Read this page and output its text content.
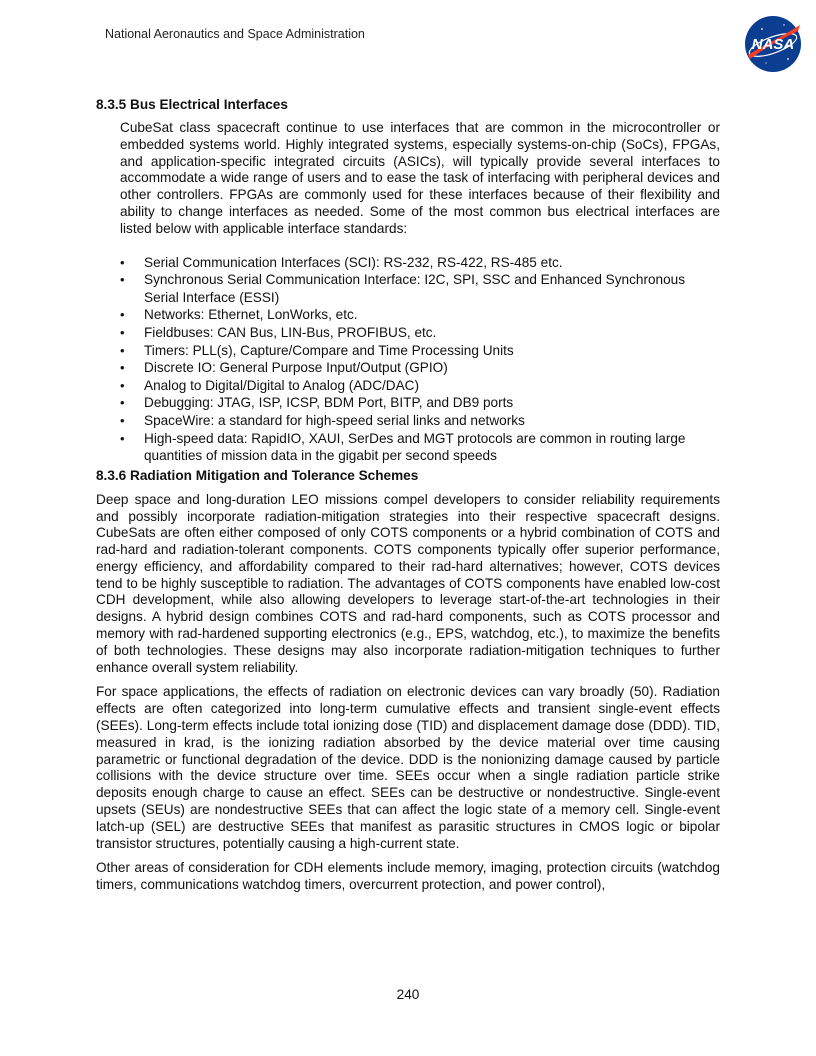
National Aeronautics and Space Administration
NASA
8.3.5 Bus Electrical Interfaces

CubeSat class spacecraft continue to use interfaces that are common in the microcontroller or embedded systems world. Highly integrated systems, especially systems-on-chip (SoCs), FPGAs, and application-specific integrated circuits (ASICs), will typically provide several interfaces to accommodate a wide range of users and to ease the task of interfacing with peripheral devices and other controllers. FPGAs are commonly used for these interfaces because of their flexibility and ability to change interfaces as needed. Some of the most common bus electrical interfaces are listed below with applicable interface standards:

• Serial Communication Interfaces (SCI): RS-232, RS-422, RS-485 etc.
• Synchronous Serial Communication Interface: I2C, SPI, SSC and Enhanced Synchronous Serial Interface (ESSI)
• Networks: Ethernet, LonWorks, etc.
• Fieldbuses: CAN Bus, LIN-Bus, PROFIBUS, etc.
• Timers: PLL(s), Capture/Compare and Time Processing Units
• Discrete IO: General Purpose Input/Output (GPIO)
• Analog to Digital/Digital to Analog (ADC/DAC)
• Debugging: JTAG, ISP, ICSP, BDM Port, BITP, and DB9 ports
• SpaceWire: a standard for high-speed serial links and networks
• High-speed data: RapidIO, XAUI, SerDes and MGT protocols are common in routing large quantities of mission data in the gigabit per second speeds
8.3.6 Radiation Mitigation and Tolerance Schemes

Deep space and long-duration LEO missions compel developers to consider reliability requirements and possibly incorporate radiation-mitigation strategies into their respective spacecraft designs. CubeSats are often either composed of only COTS components or a hybrid combination of COTS and rad-hard and radiation-tolerant components. COTS components typically offer superior performance, energy efficiency, and affordability compared to their rad-hard alternatives; however, COTS devices tend to be highly susceptible to radiation. The advantages of COTS components have enabled low-cost CDH development, while also allowing developers to leverage start-of-the-art technologies in their designs. A hybrid design combines COTS and rad-hard components, such as COTS processor and memory with rad-hardened supporting electronics (e.g., EPS, watchdog, etc.), to maximize the benefits of both technologies. These designs may also incorporate radiation-mitigation techniques to further enhance overall system reliability.

For space applications, the effects of radiation on electronic devices can vary broadly (50). Radiation effects are often categorized into long-term cumulative effects and transient single-event effects (SEEs). Long-term effects include total ionizing dose (TID) and displacement damage dose (DDD). TID, measured in krad, is the ionizing radiation absorbed by the device material over time causing parametric or functional degradation of the device. DDD is the nonionizing damage caused by particle collisions with the device structure over time. SEEs occur when a single radiation particle strike deposits enough charge to cause an effect. SEEs can be destructive or nondestructive. Single-event upsets (SEUs) are nondestructive SEEs that can affect the logic state of a memory cell. Single-event latch-up (SEL) are destructive SEEs that manifest as parasitic structures in CMOS logic or bipolar transistor structures, potentially causing a high-current state.

Other areas of consideration for CDH elements include memory, imaging, protection circuits (watchdog timers, communications watchdog timers, overcurrent protection, and power control),

240
